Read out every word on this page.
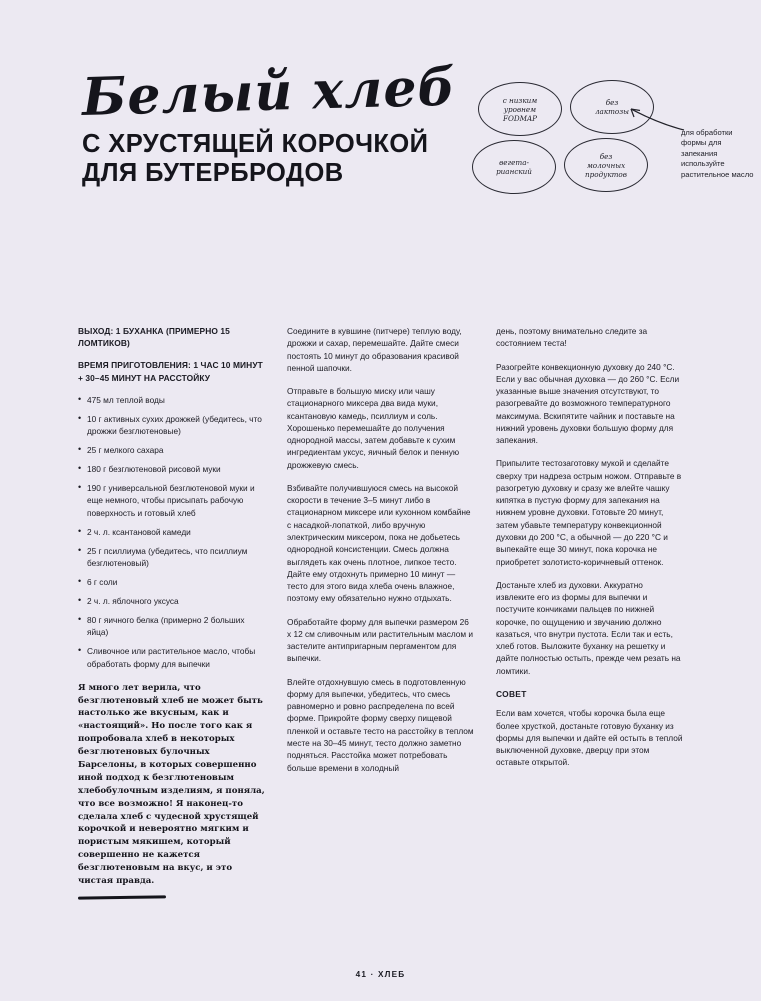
Белый хлеб
С ХРУСТЯЩЕЙ КОРОЧКОЙ
ДЛЯ БУТЕРБРОДОВ
с низким
уровнем
FODMAP
без
лактозы
вегета-
рианский
без
молочных
продуктов
для обработки формы для запекания используйте растительное масло
ВЫХОД: 1 БУХАНКА (ПРИМЕРНО 15 ЛОМТИКОВ)
ВРЕМЯ ПРИГОТОВЛЕНИЯ: 1 ЧАС 10 МИНУТ + 30–45 МИНУТ НА РАССТОЙКУ
• 475 мл теплой воды
• 10 г активных сухих дрожжей (убедитесь, что дрожжи безглютеновые)
• 25 г мелкого сахара
• 180 г безглютеновой рисовой муки
• 190 г универсальной безглютеновой муки и еще немного, чтобы присыпать рабочую поверхность и готовый хлеб
• 2 ч. л. ксантановой камеди
• 25 г псиллиума (убедитесь, что псиллиум безглютеновый)
• 6 г соли
• 2 ч. л. яблочного уксуса
• 80 г яичного белка (примерно 2 больших яйца)
• Сливочное или растительное масло, чтобы обработать форму для выпечки
Я много лет верила, что безглютеновый хлеб не может быть настолько же вкусным, как и «настоящий». Но после того как я попробовала хлеб в некоторых безглютеновых булочных Барселоны, в которых совершенно иной подход к безглютеновым хлебобулочным изделиям, я поняла, что все возможно! Я наконец-то сделала хлеб с чудесной хрустящей корочкой и невероятно мягким и пористым мякишем, который совершенно не кажется безглютеновым на вкус, и это чистая правда.

Соедините в кувшине (питчере) теплую воду, дрожжи и сахар, перемешайте. Дайте смеси постоять 10 минут до образования красивой пенной шапочки.

Отправьте в большую миску или чашу стационарного миксера два вида муки, ксантановую камедь, псиллиум и соль. Хорошенько перемешайте до получения однородной массы, затем добавьте к сухим ингредиентам уксус, яичный белок и пенную дрожжевую смесь.

Взбивайте получившуюся смесь на высокой скорости в течение 3–5 минут либо в стационарном миксере или кухонном комбайне с насадкой-лопаткой, либо вручную электрическим миксером, пока не добьетесь однородной консистенции. Смесь должна выглядеть как очень плотное, липкое тесто. Дайте ему отдохнуть примерно 10 минут — тесто для этого вида хлеба очень влажное, поэтому ему обязательно нужно отдыхать.

Обработайте форму для выпечки размером 26 х 12 см сливочным или растительным маслом и застелите антипригарным пергаментом для выпечки.

Влейте отдохнувшую смесь в подготовленную форму для выпечки, убедитесь, что смесь равномерно и ровно распределена по всей форме. Прикройте форму сверху пищевой пленкой и оставьте тесто на расстойку в теплом месте на 30–45 минут, тесто должно заметно подняться. Расстойка может потребовать больше времени в холодный

день, поэтому внимательно следите за состоянием теста!

Разогрейте конвекционную духовку до 240 °С. Если у вас обычная духовка — до 260 °С. Если указанные выше значения отсутствуют, то разогревайте до возможного температурного максимума. Вскипятите чайник и поставьте на нижний уровень духовки большую форму для запекания.

Припылите тестозаготовку мукой и сделайте сверху три надреза острым ножом. Отправьте в разогретую духовку и сразу же влейте чашку кипятка в пустую форму для запекания на нижнем уровне духовки. Готовьте 20 минут, затем убавьте температуру конвекционной духовки до 200 °С, а обычной — до 220 °С и выпекайте еще 30 минут, пока корочка не приобретет золотисто-коричневый оттенок.

Достаньте хлеб из духовки. Аккуратно извлеките его из формы для выпечки и постучите кончиками пальцев по нижней корочке, по ощущению и звучанию должно казаться, что внутри пустота. Если так и есть, хлеб готов. Выложите буханку на решетку и дайте полностью остыть, прежде чем резать на ломтики.

СОВЕТ

Если вам хочется, чтобы корочка была еще более хрусткой, достаньте готовую буханку из формы для выпечки и дайте ей остыть в теплой выключенной духовке, дверцу при этом оставьте открытой.

41 · ХЛЕБ
